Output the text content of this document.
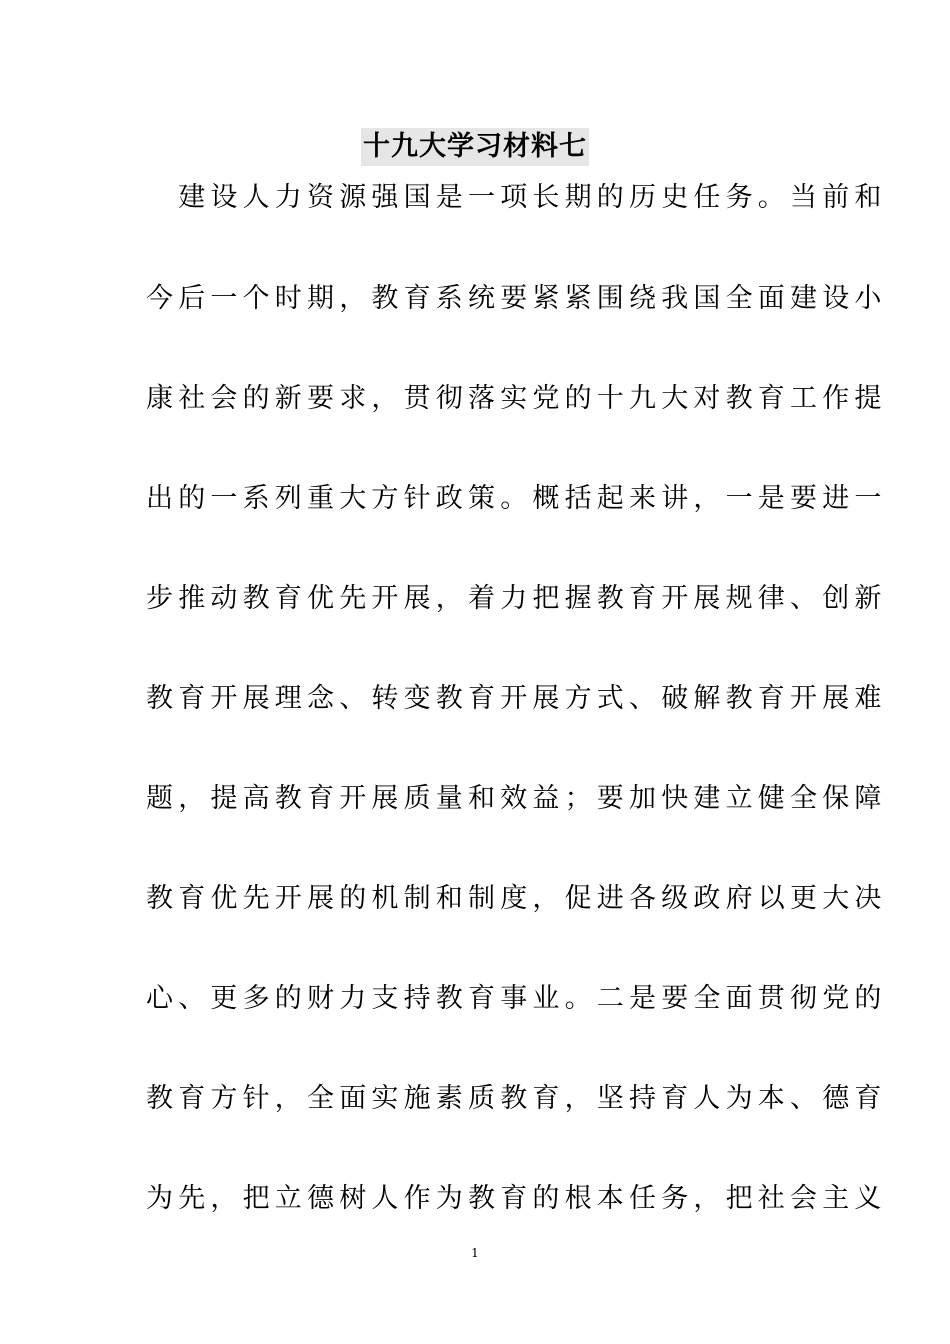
十九大学习材料七
　建设人力资源强国是一项长期的历史任务。当前和
今后一个时期，教育系统要紧紧围绕我国全面建设小
康社会的新要求，贯彻落实党的十九大对教育工作提
出的一系列重大方针政策。概括起来讲，一是要进一
步推动教育优先开展，着力把握教育开展规律、创新
教育开展理念、转变教育开展方式、破解教育开展难
题，提高教育开展质量和效益；要加快建立健全保障
教育优先开展的机制和制度，促进各级政府以更大决
心、更多的财力支持教育事业。二是要全面贯彻党的
教育方针，全面实施素质教育，坚持育人为本、德育
为先，把立德树人作为教育的根本任务，把社会主义
1
